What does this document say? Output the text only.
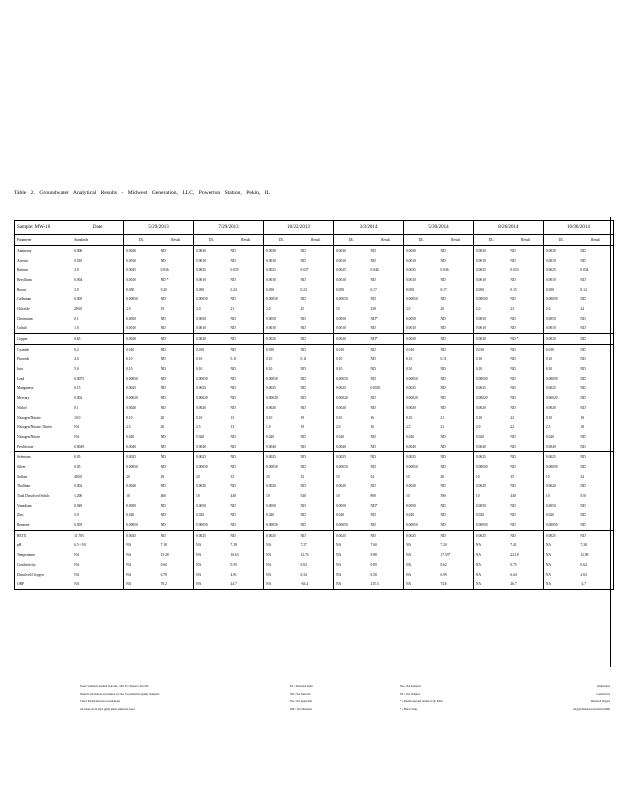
Table 2. Groundwater Analytical Results - Midwest Generation, LLC, Powerton Station, Pekin, IL
Sample: MW-16	Date	5/29/2013		7/29/2013		10/22/2013		3/3/2014		5/30/2014		8/26/2014		10/30/2014	
Parameter	Standards	DL	Result	DL	Result	DL	Result	DL	Result	DL	Result	DL	Result	DL	Result
Antimony	0.006	0.0030	ND	0.0030	ND	0.0030	ND	0.0030	ND	0.0030	ND	0.0030	ND	0.0030	ND
Arsenic	0.010	0.0010	ND	0.0010	ND	0.0010	ND	0.0010	ND	0.0010	ND	0.0010	ND	0.0010	ND
Barium	2.0	0.0025	0.036	0.0025	0.035	0.0025	0.037	0.0025	0.046	0.0025	0.036	0.0025	0.033	0.0025	0.034
Beryllium	0.004	0.0010	ND *	0.0010	ND	0.0010	ND	0.0010	ND	0.0010	ND	0.0010	ND	0.0010	ND
Boron	2.0	0.050	0.20	0.050	0.24	0.050	0.23	0.050	0.17	0.050	0.17	0.050	0.15	0.050	0.14
Cadmium	0.005	0.00050	ND	0.00050	ND	0.00050	ND	0.00050	ND	0.00050	ND	0.00050	ND	0.00050	ND
Chloride	200.0	2.0	19	2.0	21	2.0	25	10	230	2.0	20	2.0	23	2.0	24
Chromium	0.1	0.0050	ND	0.0050	ND	0.0050	ND	0.0050	ND*	0.0050	ND	0.0050	ND	0.0050	ND
Cobalt	1.0	0.0010	ND	0.0010	ND	0.0010	ND	0.0010	ND	0.0010	ND	0.0010	ND	0.0010	ND
Copper	0.65	0.0020	ND	0.0020	ND	0.0020	ND	0.0020	ND*	0.0020	ND	0.0020	ND *	0.0020	ND
Cyanide	0.2	0.010	ND	0.010	ND	0.010	ND	0.010	ND	0.010	ND	0.010	ND	0.010	ND
Fluoride	4.0	0.10	ND	0.10	0.11	0.10	0.11	0.10	ND	0.10	0.11	0.10	ND	0.10	ND
Iron	5.0	0.10	ND	0.10	ND	0.10	ND	0.10	ND	0.10	ND	0.10	ND	0.10	ND
Lead	0.0075	0.00050	ND	0.00050	ND	0.00050	ND	0.00050	ND	0.00050	ND	0.00050	ND	0.00050	ND
Manganese	0.15	0.0025	ND	0.0025	ND	0.0025	ND	0.0025	0.0035	0.0025	ND	0.0025	ND	0.0025	ND
Mercury	0.002	0.00020	ND	0.00020	ND	0.00020	ND	0.00020	ND	0.00020	ND	0.00020	ND	0.00020	ND
Nickel	0.1	0.0020	ND	0.0020	ND	0.0020	ND	0.0020	ND	0.0020	ND	0.0020	ND	0.0020	ND
Nitrogen/Nitrate	10.0	0.10	20	0.10	13	0.10	19	0.10	16	0.10	21	0.10	22	0.10	18
Nitrogen/Nitrate, Nitrite	NA	2.5	20	2.5	13	1.0	19	2.0	16	2.5	21	2.0	22	2.5	18
Nitrogen/Nitrite	NA	0.020	ND	0.020	ND	0.020	ND	0.020	ND	0.020	ND	0.020	ND	0.020	ND
Perchlorate	0.0049	0.0040	ND	0.0040	ND	0.0040	ND	0.0040	ND	0.0040	ND	0.0040	ND	0.0040	ND
Selenium	0.05	0.0025	ND	0.0025	ND	0.0025	ND	0.0025	ND	0.0025	ND	0.0025	ND	0.0025	ND
Silver	0.05	0.00050	ND	0.00050	ND	0.00050	ND	0.00050	ND	0.00050	ND	0.00050	ND	0.00050	ND
Sulfate	400.0	20	29	20	33	20	33	10	34	10	40	10	35	10	34
Thallium	0.002	0.0020	ND	0.0020	ND	0.0020	ND	0.0020	ND	0.0020	ND	0.0020	ND	0.0020	ND
Total Dissolved Solids	1,200	10	460	10	440	10	540	10	890	10	390	10	440	10	510
Vanadium	0.049	0.0050	ND	0.0050	ND	0.0050	ND	0.0050	ND*	0.0050	ND	0.0050	ND	0.0050	ND
Zinc	5.0	0.020	ND	0.020	ND	0.020	ND	0.020	ND	0.020	ND	0.020	ND	0.020	ND
Benzene	0.005	0.00050	ND	0.00050	ND	0.00050	ND	0.00050	ND	0.00050	ND	0.00050	ND	0.00050	ND
BETX	11.705	0.0025	ND	0.0025	ND	0.0025	ND	0.0025	ND	0.0025	ND	0.0025	ND	0.0025	ND
pH	6.5 - 9.0	NA	7.18	NA	7.18	NA	7.27	NA	7.60	NA	7.20	NA	7.41	NA	7.38
Temperature	NA	NA	15.28	NA	16.63	NA	12.74	NA	9.88	NA	17.53*	NA	22.18	NA	12.89
Conductivity	NA	NA	0.60	NA	0.59	NA	0.63	NA	0.89	NA	0.62	NA	0.75	NA	0.64
Dissolved Oxygen	NA	NA	6.78	NA	4.91	NA	6.34	NA	6.58	NA	6.99	NA	6.64	NA	2.63
ORP	NA	NA	70.2	NA	24.7	NA	-63.4	NA	215.3	NA	74.6	NA	26.7	NA	-2.7
Notes: Standards obtained from IAC, Title 35, Chapter I, Part 620	DL = Detection Limit	NA = Not Analyzed	Temperature
Shaded Cells indicate exceedance of Class I Groundwater Quality Standards	ND = Not Detected	NS = Not Sampled	Conductivity
Class I Potable Resource Groundwater	NA = Not Applicable	* = Results reported outside of QC limits	Dissolved Oxygen
All values are in mg/L (ppm) unless otherwise noted	NM = Not Measured	* = Below Value	Oxygen Reduction Potential (ORP)
